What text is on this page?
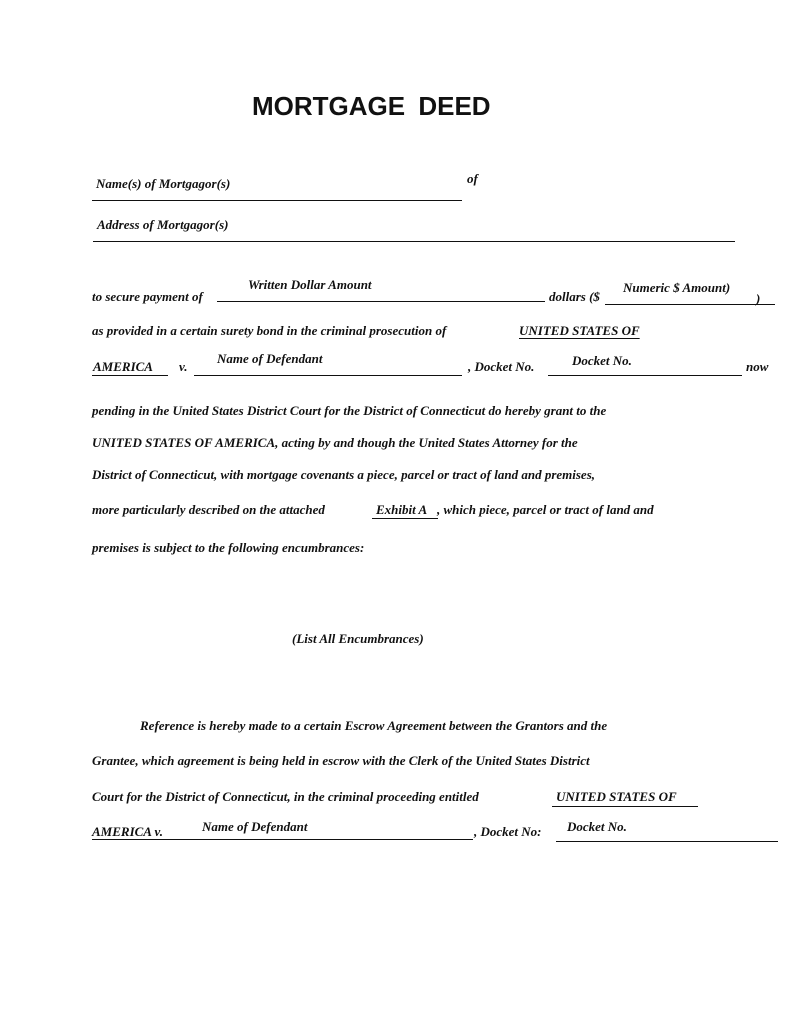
MORTGAGE DEED
Name(s) of Mortgagor(s)	of
Address of Mortgagor(s)
to secure payment of
Written Dollar Amount
dollars ($
Numeric $ Amount)
)
as provided in a certain surety bond in the criminal prosecution of	UNITED STATES OF
AMERICA v.
Name of Defendant
, Docket No.	Docket No.	now
pending in the United States District Court for the District of Connecticut do hereby grant to the
UNITED STATES OF AMERICA, acting by and though the United States Attorney for the
District of Connecticut, with mortgage covenants a piece, parcel or tract of land and premises,
more particularly described on the attached	Exhibit A , which piece, parcel or tract of land and
premises is subject to the following encumbrances:
(List All Encumbrances)
Reference is hereby made to a certain Escrow Agreement between the Grantors and the
Grantee, which agreement is being held in escrow with the Clerk of the United States District
Court for the District of Connecticut, in the criminal proceeding entitled	UNITED STATES OF
AMERICA v.	Name of Defendant	, Docket No: Docket No.
